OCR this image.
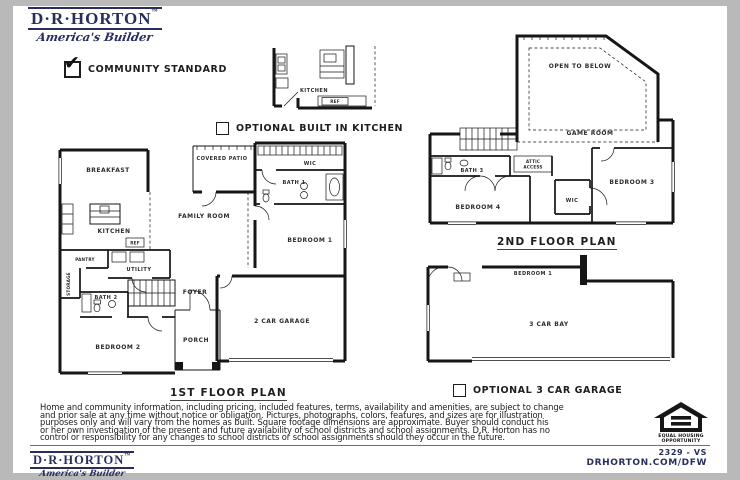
D·R·HORTON™
America's Builder
✔ COMMUNITY STANDARD
KITCHEN
REF
OPTIONAL BUILT IN KITCHEN
BREAKFAST
COVERED PATIO
KITCHEN
FAMILY ROOM
PANTRY
STORAGE
UTILITY
REF
BATH 2
BEDROOM 2
FOYER
PORCH
WIC
BATH 1
BEDROOM 1
2 CAR GARAGE
1ST FLOOR PLAN
OPEN TO BELOW
GAME ROOM
BATH 3
ATTIC
ACCESS
BEDROOM 4
WIC
BEDROOM 3
2ND FLOOR PLAN
BEDROOM 1
3 CAR BAY
OPTIONAL 3 CAR GARAGE
Home and community information, including pricing, included features, terms, availability and amenities, are subject to change
and prior sale at any time without notice or obligation. Pictures, photographs, colors, features, and sizes are for illustration
purposes only and will vary from the homes as built. Square footage dimensions are approximate. Buyer should conduct his
or her own investigation of the present and future availability of school districts and school assignments. D.R. Horton has no
control or responsibility for any changes to school districts or school assignments should they occur in the future.	EQUAL HOUSING
OPPORTUNITY
D·R·HORTON™
America's Builder
2329 - VS
DRHORTON.COM/DFW
